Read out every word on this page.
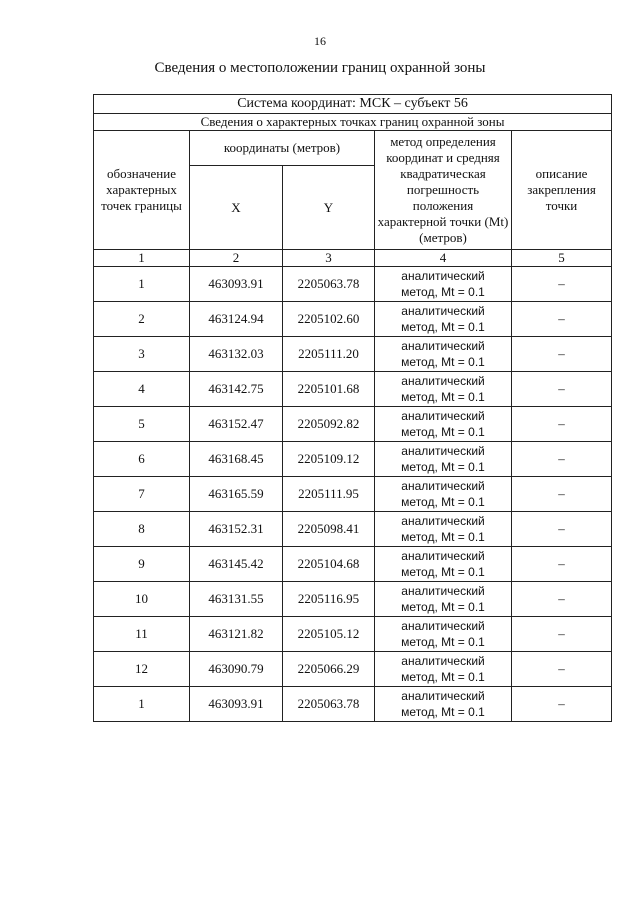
16
Сведения о местоположении границ охранной зоны
Система координат: МСК – субъект 56				
Сведения о характерных точках границ охранной зоны				
обозначение характерных точек границы	координаты (метров)		метод определения координат и средняя квадратическая погрешность положения характерной точки (Mt) (метров)	описание закрепления точки
	X	Y		
1	2	3	4	5
1	463093.91	2205063.78	аналитический
метод, Mt = 0.1	–
2	463124.94	2205102.60	аналитический
метод, Mt = 0.1	–
3	463132.03	2205111.20	аналитический
метод, Mt = 0.1	–
4	463142.75	2205101.68	аналитический
метод, Mt = 0.1	–
5	463152.47	2205092.82	аналитический
метод, Mt = 0.1	–
6	463168.45	2205109.12	аналитический
метод, Mt = 0.1	–
7	463165.59	2205111.95	аналитический
метод, Mt = 0.1	–
8	463152.31	2205098.41	аналитический
метод, Mt = 0.1	–
9	463145.42	2205104.68	аналитический
метод, Mt = 0.1	–
10	463131.55	2205116.95	аналитический
метод, Mt = 0.1	–
11	463121.82	2205105.12	аналитический
метод, Mt = 0.1	–
12	463090.79	2205066.29	аналитический
метод, Mt = 0.1	–
1	463093.91	2205063.78	аналитический
метод, Mt = 0.1	–
